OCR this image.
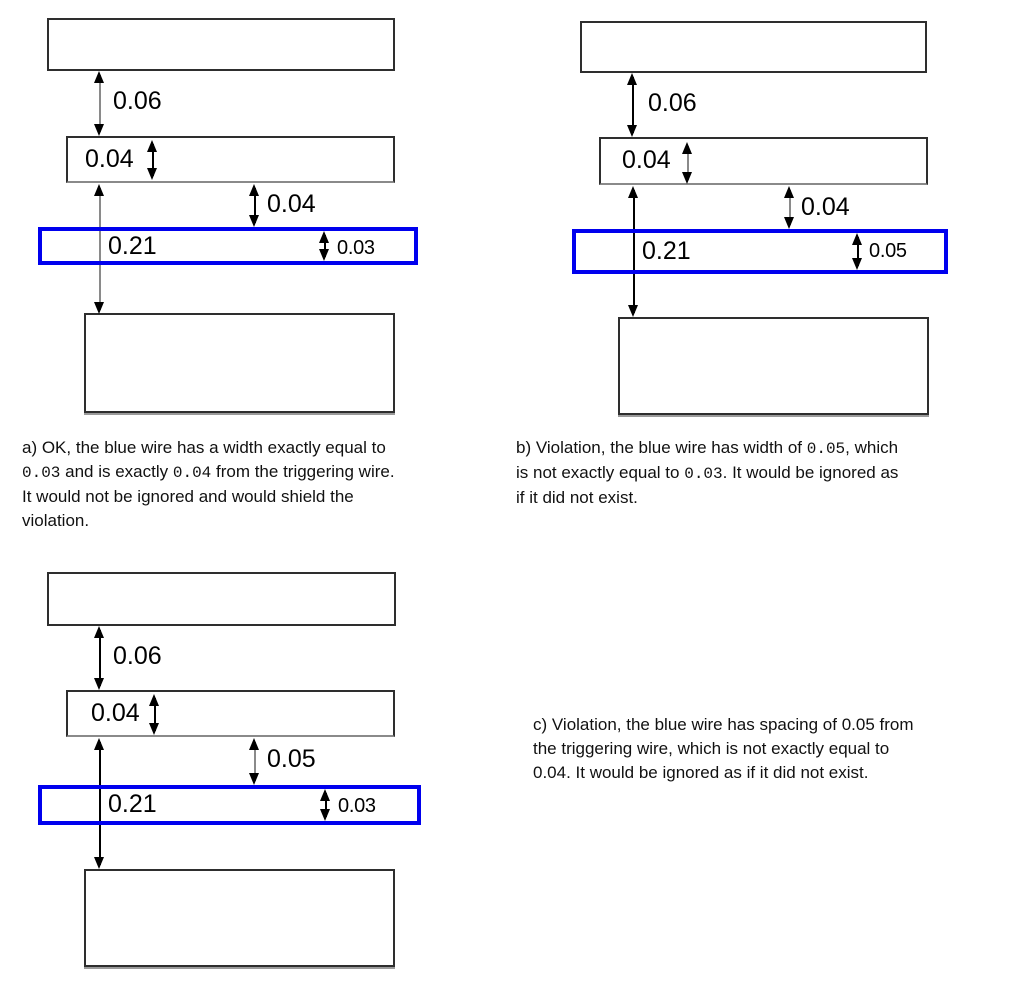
0.06
0.04
0.04
0.21	0.03
a) OK, the blue wire has a width exactly equal to
0.03 and is exactly 0.04 from the triggering wire.
It would not be ignored and would shield the
violation.
0.06
0.04
0.04
0.21	0.05
b) Violation, the blue wire has width of 0.05, which
is not exactly equal to 0.03. It would be ignored as
if it did not exist.
0.06
0.04
0.05
0.21	0.03
c) Violation, the blue wire has spacing of 0.05 from
the triggering wire, which is not exactly equal to
0.04. It would be ignored as if it did not exist.
